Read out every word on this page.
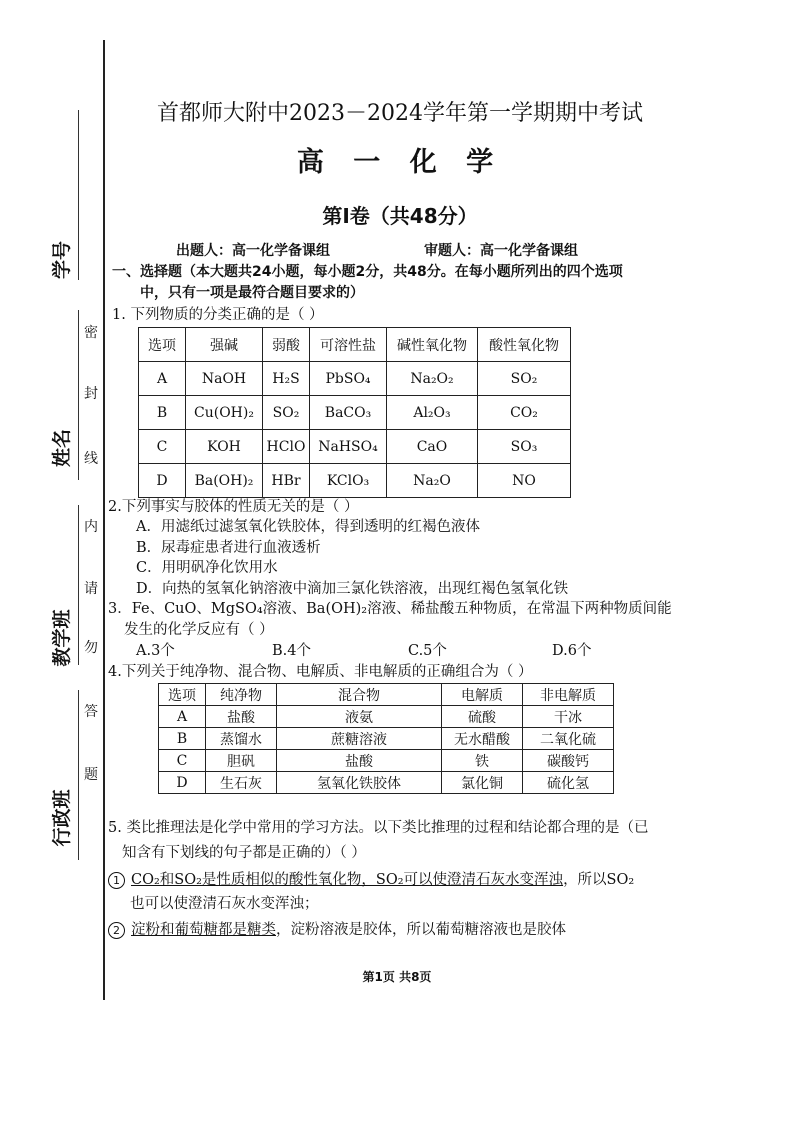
学号
姓名
教学班
行政班
密
封
线
内
请
勿
答
题
首都师大附中2023－2024学年第一学期期中考试
高 一 化 学
第Ⅰ卷（共48分）
出题人：高一化学备课组	审题人：高一化学备课组
一、选择题（本大题共24小题，每小题2分，共48分。在每小题所列出的四个选项
中，只有一项是最符合题目要求的）
1. 下列物质的分类正确的是（ ）
选项	强碱	弱酸	可溶性盐	碱性氧化物	酸性氧化物
A	NaOH	H₂S	PbSO₄	Na₂O₂	SO₂
B	Cu(OH)₂	SO₂	BaCO₃	Al₂O₃	CO₂
C	KOH	HClO	NaHSO₄	CaO	SO₃
D	Ba(OH)₂	HBr	KClO₃	Na₂O	NO
2.下列事实与胶体的性质无关的是（ ）
A．用滤纸过滤氢氧化铁胶体，得到透明的红褐色液体
B．尿毒症患者进行血液透析
C．用明矾净化饮用水
D．向热的氢氧化钠溶液中滴加三氯化铁溶液，出现红褐色氢氧化铁
3．Fe、CuO、MgSO₄溶液、Ba(OH)₂溶液、稀盐酸五种物质，在常温下两种物质间能
发生的化学反应有（ ）
A.3个	B.4个	C.5个	D.6个
4.下列关于纯净物、混合物、电解质、非电解质的正确组合为（ ）
选项	纯净物	混合物	电解质	非电解质
A	盐酸	液氨	硫酸	干冰
B	蒸馏水	蔗糖溶液	无水醋酸	二氧化硫
C	胆矾	盐酸	铁	碳酸钙
D	生石灰	氢氧化铁胶体	氯化铜	硫化氢
5. 类比推理法是化学中常用的学习方法。以下类比推理的过程和结论都合理的是（已
知含有下划线的句子都是正确的）（ ）
1 CO₂和SO₂是性质相似的酸性氧化物，SO₂可以使澄清石灰水变浑浊，所以SO₂
也可以使澄清石灰水变浑浊；
2 淀粉和葡萄糖都是糖类，淀粉溶液是胶体，所以葡萄糖溶液也是胶体
第1页 共8页
